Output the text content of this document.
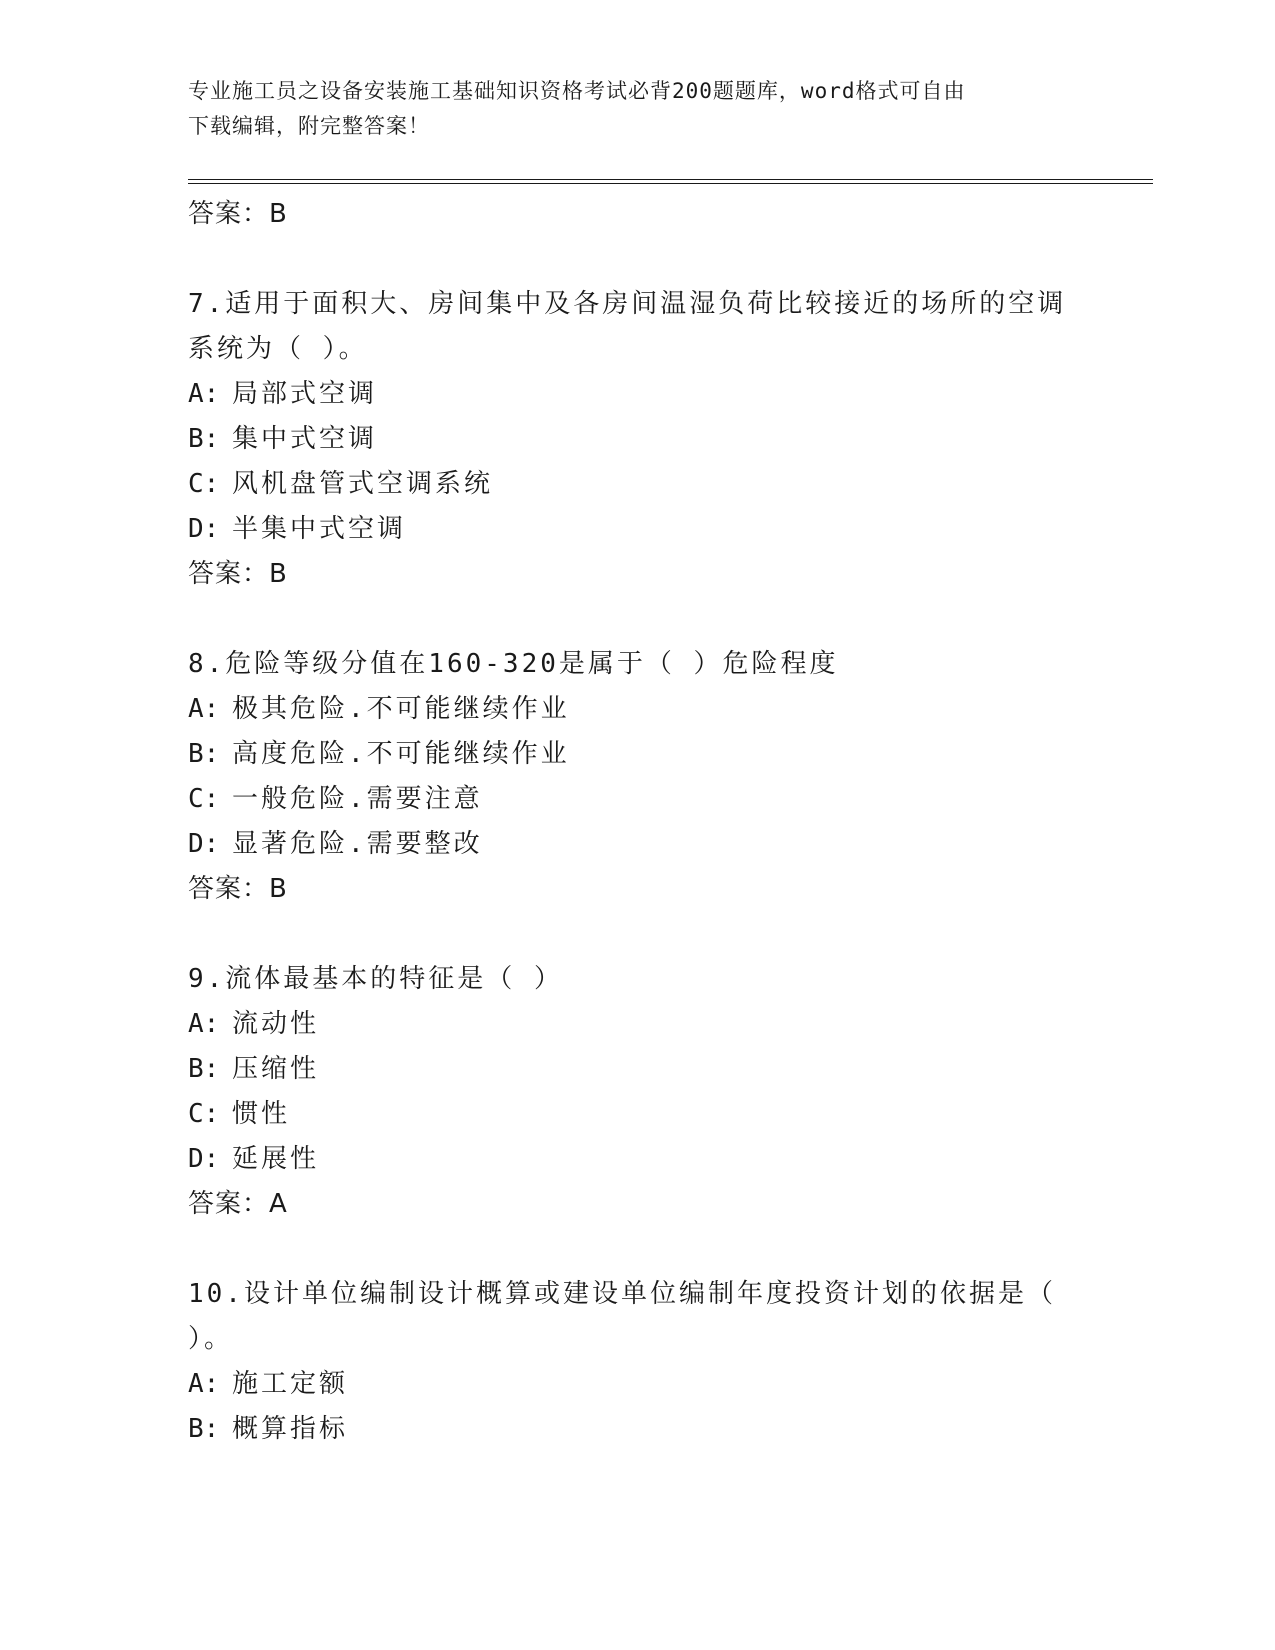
专业施工员之设备安装施工基础知识资格考试必背200题题库，word格式可自由
下载编辑，附完整答案！
答案：B
7.适用于面积大、房间集中及各房间温湿负荷比较接近的场所的空调
系统为（ ）。
A: 局部式空调
B: 集中式空调
C: 风机盘管式空调系统
D: 半集中式空调
答案：B
8.危险等级分值在160-320是属于（ ）危险程度
A: 极其危险.不可能继续作业
B: 高度危险.不可能继续作业
C: 一般危险.需要注意
D: 显著危险.需要整改
答案：B
9.流体最基本的特征是（ ）
A: 流动性
B: 压缩性
C: 惯性
D: 延展性
答案：A
10.设计单位编制设计概算或建设单位编制年度投资计划的依据是（
）。
A: 施工定额
B: 概算指标
